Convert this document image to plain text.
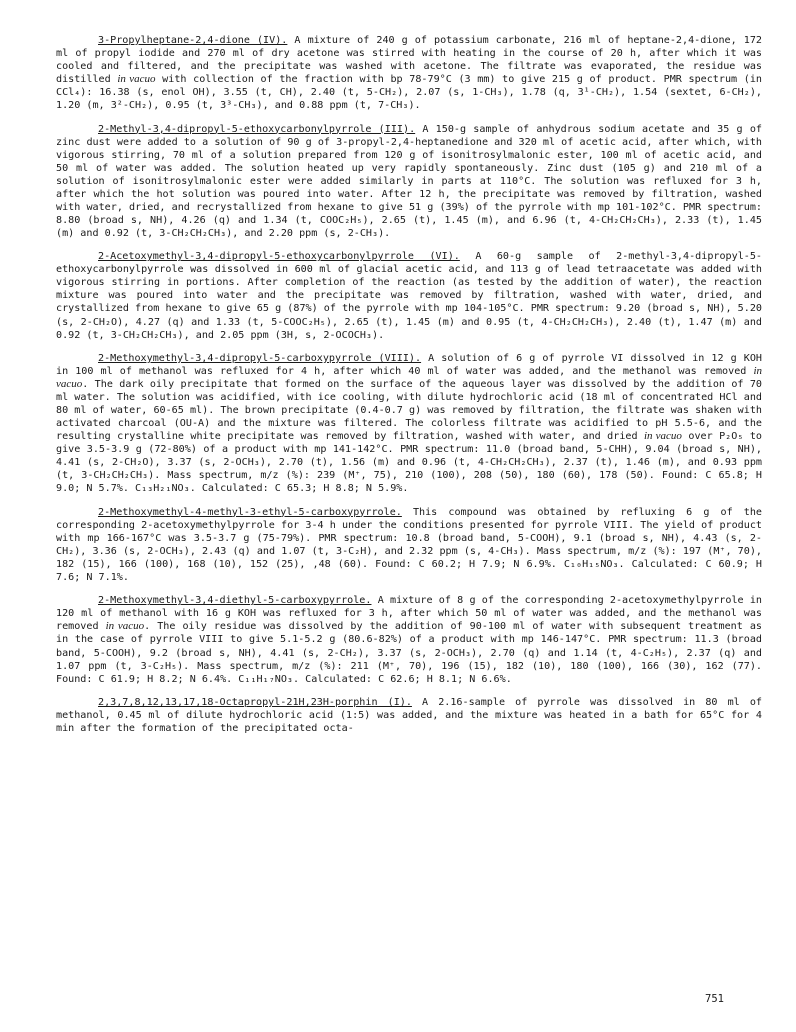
3-Propylheptane-2,4-dione (IV). A mixture of 240 g of potassium carbonate, 216 ml of heptane-2,4-dione, 172 ml of propyl iodide and 270 ml of dry acetone was stirred with heating in the course of 20 h, after which it was cooled and filtered, and the precipitate was washed with acetone. The filtrate was evaporated, the residue was distilled in vacuo with collection of the fraction with bp 78-79°C (3 mm) to give 215 g of product. PMR spectrum (in CCl₄): 16.38 (s, enol OH), 3.55 (t, CH), 2.40 (t, 5-CH₂), 2.07 (s, 1-CH₃), 1.78 (q, 3¹-CH₂), 1.54 (sextet, 6-CH₂), 1.20 (m, 3²-CH₂), 0.95 (t, 3³-CH₃), and 0.88 ppm (t, 7-CH₃).

2-Methyl-3,4-dipropyl-5-ethoxycarbonylpyrrole (III). A 150-g sample of anhydrous sodium acetate and 35 g of zinc dust were added to a solution of 90 g of 3-propyl-2,4-heptanedione and 320 ml of acetic acid, after which, with vigorous stirring, 70 ml of a solution prepared from 120 g of isonitrosylmalonic ester, 100 ml of acetic acid, and 50 ml of water was added. The solution heated up very rapidly spontaneously. Zinc dust (105 g) and 210 ml of a solution of isonitrosylmalonic ester were added similarly in parts at 110°C. The solution was refluxed for 3 h, after which the hot solution was poured into water. After 12 h, the precipitate was removed by filtration, washed with water, dried, and recrystallized from hexane to give 51 g (39%) of the pyrrole with mp 101-102°C. PMR spectrum: 8.80 (broad s, NH), 4.26 (q) and 1.34 (t, COOC₂H₅), 2.65 (t), 1.45 (m), and 6.96 (t, 4-CH₂CH₂CH₃), 2.33 (t), 1.45 (m) and 0.92 (t, 3-CH₂CH₂CH₃), and 2.20 ppm (s, 2-CH₃).

2-Acetoxymethyl-3,4-dipropyl-5-ethoxycarbonylpyrrole (VI). A 60-g sample of 2-methyl-3,4-dipropyl-5-ethoxycarbonylpyrrole was dissolved in 600 ml of glacial acetic acid, and 113 g of lead tetraacetate was added with vigorous stirring in portions. After completion of the reaction (as tested by the addition of water), the reaction mixture was poured into water and the precipitate was removed by filtration, washed with water, dried, and crystallized from hexane to give 65 g (87%) of the pyrrole with mp 104-105°C. PMR spectrum: 9.20 (broad s, NH), 5.20 (s, 2-CH₂O), 4.27 (q) and 1.33 (t, 5-COOC₂H₅), 2.65 (t), 1.45 (m) and 0.95 (t, 4-CH₂CH₂CH₃), 2.40 (t), 1.47 (m) and 0.92 (t, 3-CH₂CH₂CH₃), and 2.05 ppm (3H, s, 2-OCOCH₃).

2-Methoxymethyl-3,4-dipropyl-5-carboxypyrrole (VIII). A solution of 6 g of pyrrole VI dissolved in 12 g KOH in 100 ml of methanol was refluxed for 4 h, after which 40 ml of water was added, and the methanol was removed in vacuo. The dark oily precipitate that formed on the surface of the aqueous layer was dissolved by the addition of 70 ml water. The solution was acidified, with ice cooling, with dilute hydrochloric acid (18 ml of concentrated HCl and 80 ml of water, 60-65 ml). The brown precipitate (0.4-0.7 g) was removed by filtration, the filtrate was shaken with activated charcoal (OU-A) and the mixture was filtered. The colorless filtrate was acidified to pH 5.5-6, and the resulting crystalline white precipitate was removed by filtration, washed with water, and dried in vacuo over P₂O₅ to give 3.5-3.9 g (72-80%) of a product with mp 141-142°C. PMR spectrum: 11.0 (broad band, 5-CHH), 9.04 (broad s, NH), 4.41 (s, 2-CH₂O), 3.37 (s, 2-OCH₃), 2.70 (t), 1.56 (m) and 0.96 (t, 4-CH₂CH₂CH₃), 2.37 (t), 1.46 (m), and 0.93 ppm (t, 3-CH₂CH₂CH₃). Mass spectrum, m/z (%): 239 (M⁺, 75), 210 (100), 208 (50), 180 (60), 178 (50). Found: C 65.8; H 9.0; N 5.7%. C₁₃H₂₁NO₃. Calculated: C 65.3; H 8.8; N 5.9%.

2-Methoxymethyl-4-methyl-3-ethyl-5-carboxypyrrole. This compound was obtained by refluxing 6 g of the corresponding 2-acetoxymethylpyrrole for 3-4 h under the conditions presented for pyrrole VIII. The yield of product with mp 166-167°C was 3.5-3.7 g (75-79%). PMR spectrum: 10.8 (broad band, 5-COOH), 9.1 (broad s, NH), 4.43 (s, 2-CH₂), 3.36 (s, 2-OCH₃), 2.43 (q) and 1.07 (t, 3-C₂H), and 2.32 ppm (s, 4-CH₃). Mass spectrum, m/z (%): 197 (M⁺, 70), 182 (15), 166 (100), 168 (10), 152 (25), ,48 (60). Found: C 60.2; H 7.9; N 6.9%. C₁₀H₁₅NO₃. Calculated: C 60.9; H 7.6; N 7.1%.

2-Methoxymethyl-3,4-diethyl-5-carboxypyrrole. A mixture of 8 g of the corresponding 2-acetoxymethylpyrrole in 120 ml of methanol with 16 g KOH was refluxed for 3 h, after which 50 ml of water was added, and the methanol was removed in vacuo. The oily residue was dissolved by the addition of 90-100 ml of water with subsequent treatment as in the case of pyrrole VIII to give 5.1-5.2 g (80.6-82%) of a product with mp 146-147°C. PMR spectrum: 11.3 (broad band, 5-COOH), 9.2 (broad s, NH), 4.41 (s, 2-CH₂), 3.37 (s, 2-OCH₃), 2.70 (q) and 1.14 (t, 4-C₂H₅), 2.37 (q) and 1.07 ppm (t, 3-C₂H₅). Mass spectrum, m/z (%): 211 (M⁺, 70), 196 (15), 182 (10), 180 (100), 166 (30), 162 (77). Found: C 61.9; H 8.2; N 6.4%. C₁₁H₁₇NO₃. Calculated: C 62.6; H 8.1; N 6.6%.

2,3,7,8,12,13,17,18-Octapropyl-21H,23H-porphin (I). A 2.16-sample of pyrrole was dissolved in 80 ml of methanol, 0.45 ml of dilute hydrochloric acid (1:5) was added, and the mixture was heated in a bath for 65°C for 4 min after the formation of the precipitated octa-

751
